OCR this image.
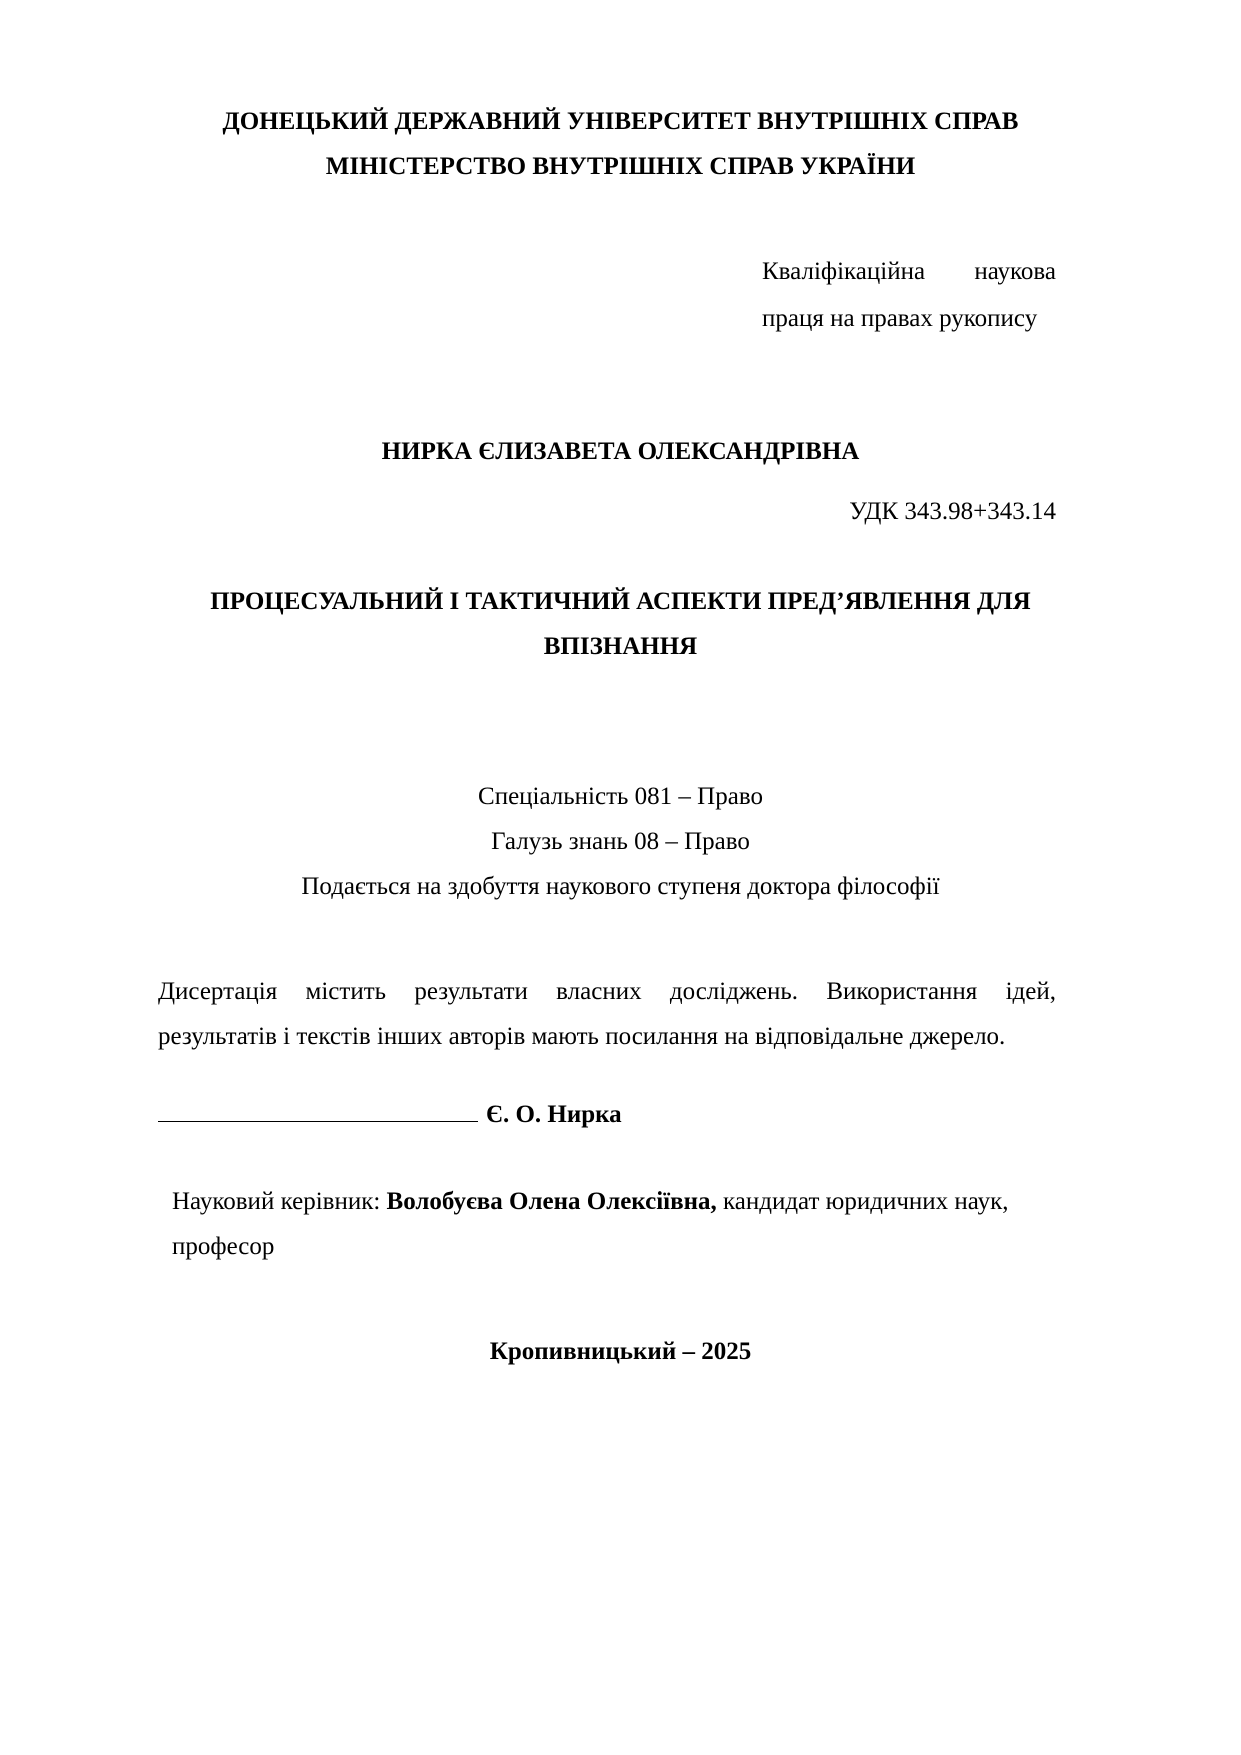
ДОНЕЦЬКИЙ ДЕРЖАВНИЙ УНІВЕРСИТЕТ ВНУТРІШНІХ СПРАВ
МІНІСТЕРСТВО ВНУТРІШНІХ СПРАВ УКРАЇНИ
Кваліфікаційна наукова
праця на правах рукопису
НИРКА ЄЛИЗАВЕТА ОЛЕКСАНДРІВНА
УДК 343.98+343.14
ПРОЦЕСУАЛЬНИЙ І ТАКТИЧНИЙ АСПЕКТИ ПРЕД’ЯВЛЕННЯ ДЛЯ
ВПІЗНАННЯ
Спеціальність 081 – Право
Галузь знань 08 – Право
Подається на здобуття наукового ступеня доктора філософії
Дисертація містить результати власних досліджень. Використання ідей,
результатів і текстів інших авторів мають посилання на відповідальне джерело.
Є. О. Нирка
Науковий керівник: Волобуєва Олена Олексіївна, кандидат юридичних наук,
професор
Кропивницький – 2025
